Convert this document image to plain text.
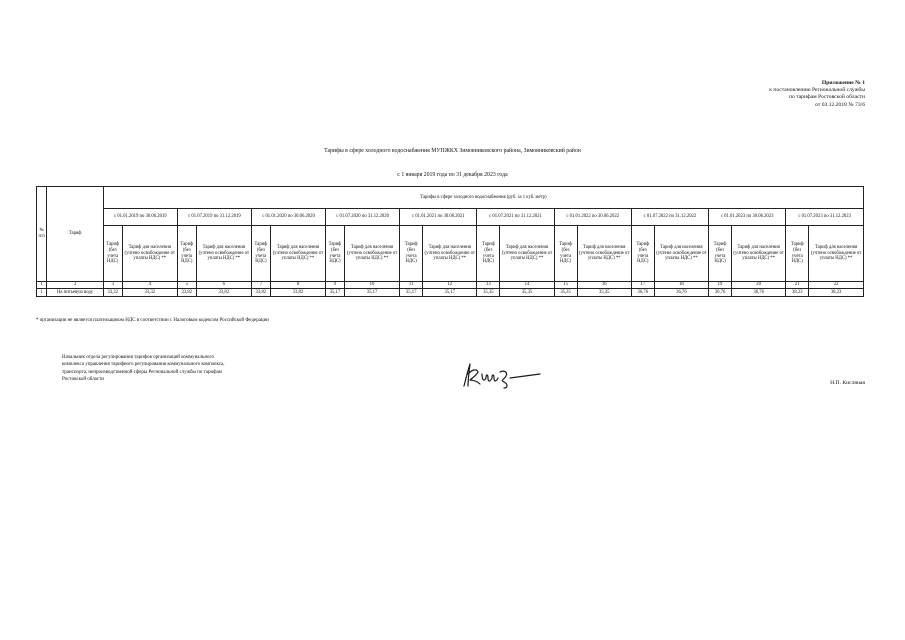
Приложение № 1
к постановлению Региональной службы
по тарифам Ростовской области
от 03.12.2018 № 73/6
Тарифы в сфере холодного водоснабжения МУПЖКХ Зимовниковского района, Зимовниковский район
с 1 января 2019 года по 31 декабря 2023 года
№ п/п	Тариф	Тарифы в сфере холодного водоснабжения (руб. за 1 куб. метр)																			
		с 01.01.2019 по 30.06.2019		с 01.07.2019 по 31.12.2019		с 01.01.2020 по 30.06.2020		с 01.07.2020 по 31.12.2020		с 01.01.2021 по 30.06.2021		с 01.07.2021 по 31.12.2021		с 01.01.2022 по 30.06.2022		с 01.07.2022 по 31.12.2022		с 01.01.2023 по 30.06.2023		с 01.07.2023 по 31.12.2023	
		Тариф (без учета НДС)	Тариф для населения (учтено освобождение от уплаты НДС) **	Тариф (без учета НДС)	Тариф для населения (учтено освобождение от уплаты НДС) **	Тариф (без учета НДС)	Тариф для населения (учтено освобождение от уплаты НДС) **	Тариф (без учета НДС)	Тариф для населения (учтено освобождение от уплаты НДС) **	Тариф (без учета НДС)	Тариф для населения (учтено освобождение от уплаты НДС) **	Тариф (без учета НДС)	Тариф для населения (учтено освобождение от уплаты НДС) **	Тариф (без учета НДС)	Тариф для населения (учтено освобождение от уплаты НДС) **	Тариф (без учета НДС)	Тариф для населения (учтено освобождение от уплаты НДС) **	Тариф (без учета НДС)	Тариф для населения (учтено освобождение от уплаты НДС) **	Тариф (без учета НДС)	Тариф для населения (учтено освобождение от уплаты НДС) **
1	2	3	4	5	6	7	8	9	10	11	12	13	14	15	16	17	18	19	20	21	22
1	На питьевую воду	33,32	33,32	33,82	33,82	33,82	33,82	35,17	35,17	35,17	35,17	35,35	35,35	35,35	35,35	36,76	36,76	36,76	36,76	38,23	38,23
* организация не является плательщиком НДС в соответствии с Налоговым кодексом Российской Федерации
Начальник отдела регулирования тарифов организаций коммунального
комплекса управления тарифного регулирования коммунального комплекса,
транспорта, непроизводственной сферы Региональной службы по тарифам
Ростовской области
Н.П. Кисляная
